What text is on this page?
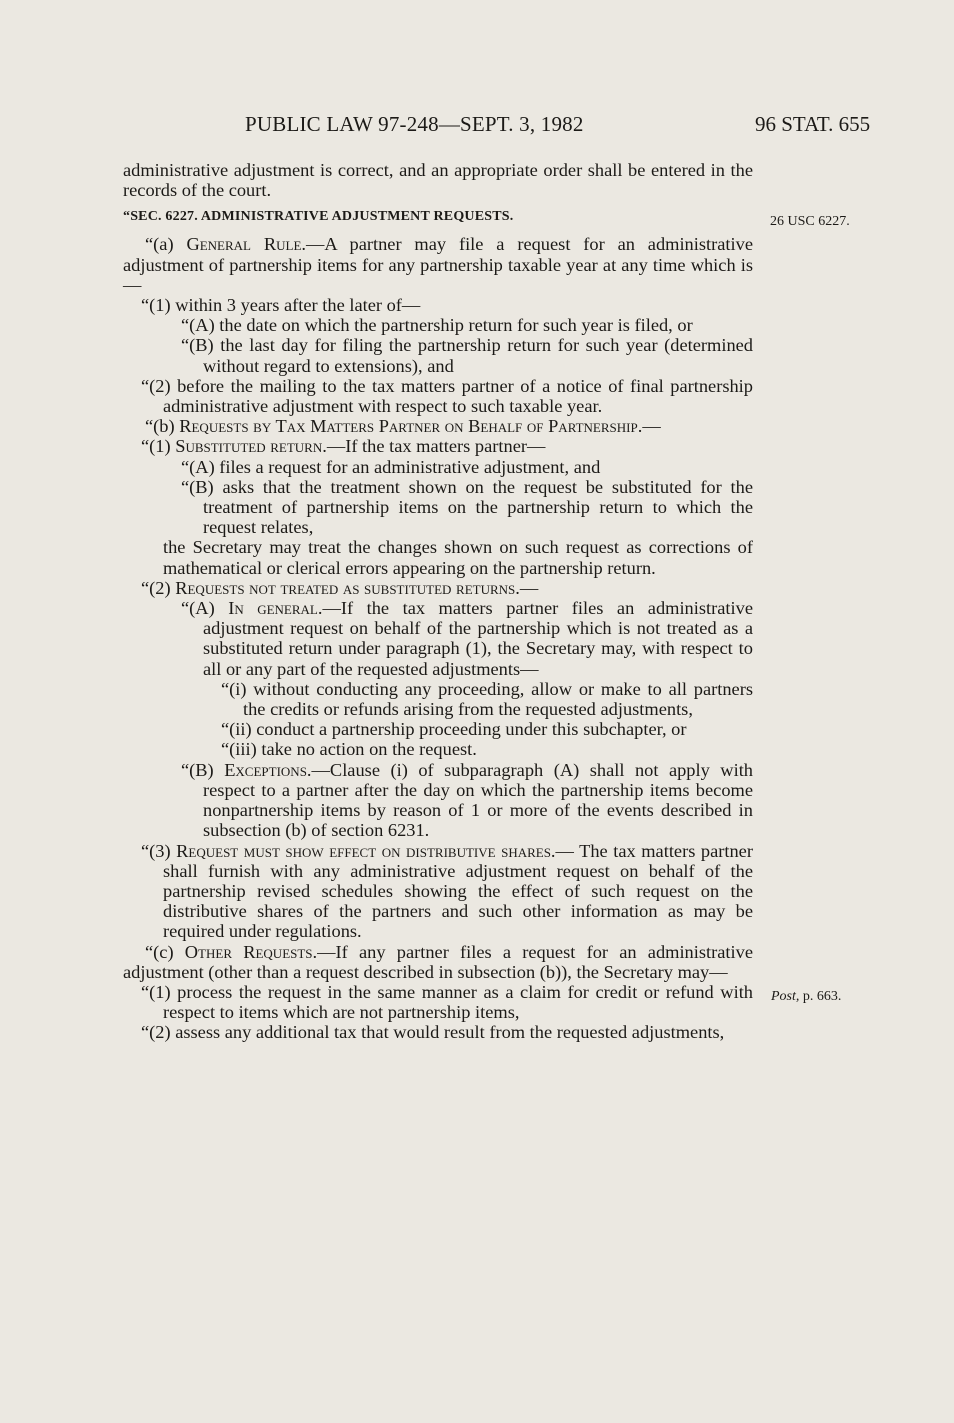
PUBLIC LAW 97-248—SEPT. 3, 1982	96 STAT. 655
26 USC 6227.
Post, p. 663.

administrative adjustment is correct, and an appropriate order shall be entered in the records of the court.

“SEC. 6227. ADMINISTRATIVE ADJUSTMENT REQUESTS.

“(a) General Rule.—A partner may file a request for an administrative adjustment of partnership items for any partnership taxable year at any time which is—

“(1) within 3 years after the later of—

“(A) the date on which the partnership return for such year is filed, or

“(B) the last day for filing the partnership return for such year (determined without regard to extensions), and

“(2) before the mailing to the tax matters partner of a notice of final partnership administrative adjustment with respect to such taxable year.

“(b) Requests by Tax Matters Partner on Behalf of Partnership.—

“(1) Substituted return.—If the tax matters partner—

“(A) files a request for an administrative adjustment, and

“(B) asks that the treatment shown on the request be substituted for the treatment of partnership items on the partnership return to which the request relates,

the Secretary may treat the changes shown on such request as corrections of mathematical or clerical errors appearing on the partnership return.

“(2) Requests not treated as substituted returns.—

“(A) In general.—If the tax matters partner files an administrative adjustment request on behalf of the partnership which is not treated as a substituted return under paragraph (1), the Secretary may, with respect to all or any part of the requested adjustments—

“(i) without conducting any proceeding, allow or make to all partners the credits or refunds arising from the requested adjustments,

“(ii) conduct a partnership proceeding under this subchapter, or

“(iii) take no action on the request.

“(B) Exceptions.—Clause (i) of subparagraph (A) shall not apply with respect to a partner after the day on which the partnership items become nonpartnership items by reason of 1 or more of the events described in subsection (b) of section 6231.

“(3) Request must show effect on distributive shares.— The tax matters partner shall furnish with any administrative adjustment request on behalf of the partnership revised schedules showing the effect of such request on the distributive shares of the partners and such other information as may be required under regulations.

“(c) Other Requests.—If any partner files a request for an administrative adjustment (other than a request described in subsection (b)), the Secretary may—

“(1) process the request in the same manner as a claim for credit or refund with respect to items which are not partnership items,

“(2) assess any additional tax that would result from the requested adjustments,
